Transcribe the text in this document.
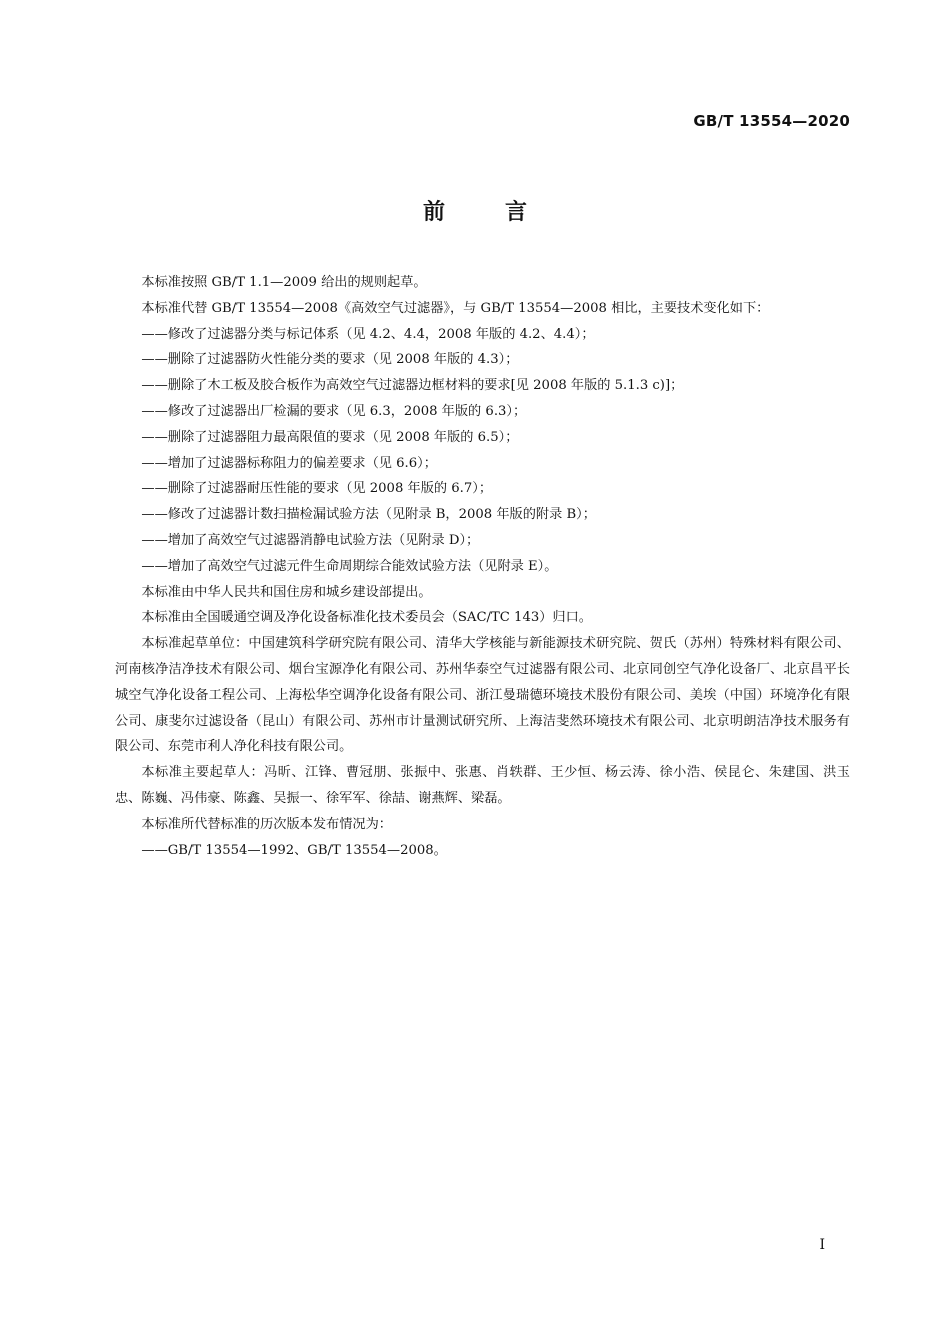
GB/T 13554—2020
前言

本标准按照 GB/T 1.1—2009 给出的规则起草。

本标准代替 GB/T 13554—2008《高效空气过滤器》，与 GB/T 13554—2008 相比，主要技术变化如下：

——修改了过滤器分类与标记体系（见 4.2、4.4，2008 年版的 4.2、4.4）；

——删除了过滤器防火性能分类的要求（见 2008 年版的 4.3）；

——删除了木工板及胶合板作为高效空气过滤器边框材料的要求[见 2008 年版的 5.1.3 c)]；

——修改了过滤器出厂检漏的要求（见 6.3，2008 年版的 6.3）；

——删除了过滤器阻力最高限值的要求（见 2008 年版的 6.5）；

——增加了过滤器标称阻力的偏差要求（见 6.6）；

——删除了过滤器耐压性能的要求（见 2008 年版的 6.7）；

——修改了过滤器计数扫描检漏试验方法（见附录 B，2008 年版的附录 B）；

——增加了高效空气过滤器消静电试验方法（见附录 D）；

——增加了高效空气过滤元件生命周期综合能效试验方法（见附录 E）。

本标准由中华人民共和国住房和城乡建设部提出。

本标准由全国暖通空调及净化设备标准化技术委员会（SAC/TC 143）归口。

本标准起草单位：中国建筑科学研究院有限公司、清华大学核能与新能源技术研究院、贺氏（苏州）特殊材料有限公司、河南核净洁净技术有限公司、烟台宝源净化有限公司、苏州华泰空气过滤器有限公司、北京同创空气净化设备厂、北京昌平长城空气净化设备工程公司、上海松华空调净化设备有限公司、浙江曼瑞德环境技术股份有限公司、美埃（中国）环境净化有限公司、康斐尔过滤设备（昆山）有限公司、苏州市计量测试研究所、上海洁斐然环境技术有限公司、北京明朗洁净技术服务有限公司、东莞市利人净化科技有限公司。

本标准主要起草人：冯昕、江锋、曹冠朋、张振中、张惠、肖轶群、王少恒、杨云涛、徐小浩、侯昆仑、朱建国、洪玉忠、陈巍、冯伟豪、陈鑫、吴振一、徐军军、徐喆、谢燕辉、梁磊。

本标准所代替标准的历次版本发布情况为：

——GB/T 13554—1992、GB/T 13554—2008。

I
